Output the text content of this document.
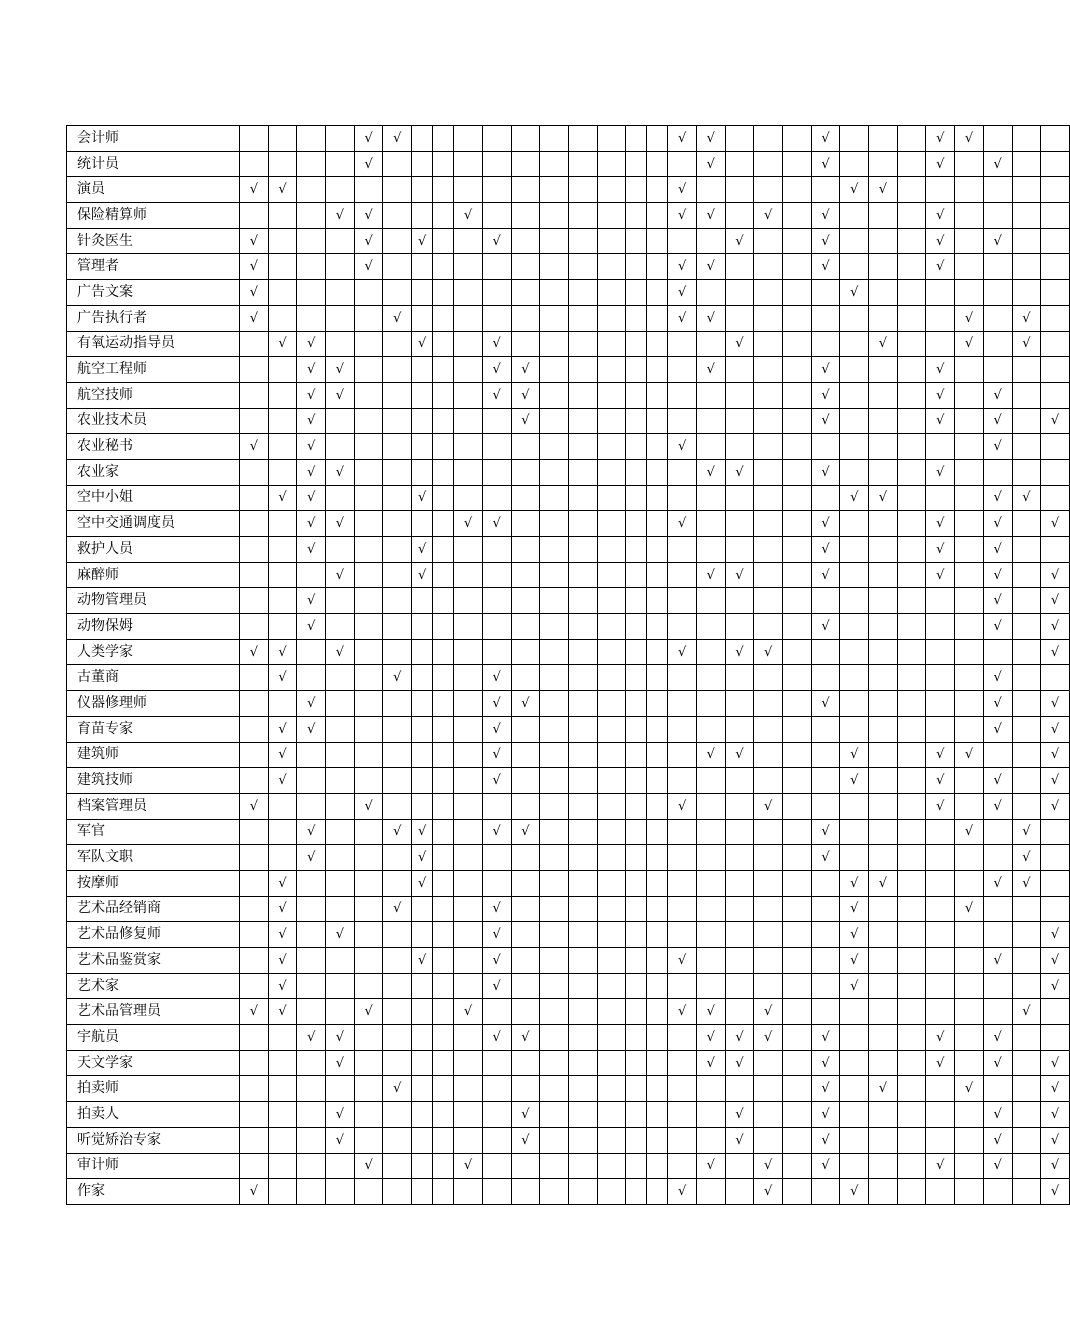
会计师					√	√											√	√				√				√	√			
统计员					√													√				√				√		√		
演员	√	√															√						√	√						
保险精算师				√	√				√								√	√		√		√				√				
针灸医生	√				√		√			√									√			√				√		√		
管理者	√				√												√	√				√				√				
广告文案	√																√						√							
广告执行者	√					√											√	√									√		√	
有氧运动指导员		√	√				√			√									√					√			√		√	
航空工程师			√	√						√	√							√				√				√				
航空技师			√	√						√	√											√				√		√		
农业技术员			√								√											√				√		√		√
农业秘书	√		√														√											√		
农业家			√	√														√	√			√				√				
空中小姐		√	√				√																√	√				√	√	
空中交通调度员			√	√					√	√							√					√				√		√		√
救护人员			√				√															√				√		√		
麻醉师				√			√											√	√			√				√		√		√
动物管理员			√																									√		√
动物保姆			√																			√						√		√
人类学家	√	√		√													√		√	√										√
古董商		√				√				√																		√		
仪器修理师			√							√	√											√						√		√
育苗专家		√	√							√																		√		√
建筑师		√								√								√	√				√			√	√			√
建筑技师		√								√													√			√		√		√
档案管理员	√				√												√			√						√		√		√
军官			√			√	√			√	√											√					√		√	
军队文职			√				√															√							√	
按摩师		√					√																√	√				√	√	
艺术品经销商		√				√				√													√				√			
艺术品修复师		√		√						√													√							√
艺术品鉴赏家		√					√			√							√						√					√		√
艺术家		√								√													√							√
艺术品管理员	√	√			√				√								√	√		√									√	
宇航员			√	√						√	√							√	√	√		√				√		√		
天文学家				√														√	√			√				√		√		√
拍卖师						√																√		√			√			√
拍卖人				√							√								√			√						√		√
听觉矫治专家				√							√								√			√						√		√
审计师					√				√									√		√		√				√		√		√
作家	√																√			√			√							√
